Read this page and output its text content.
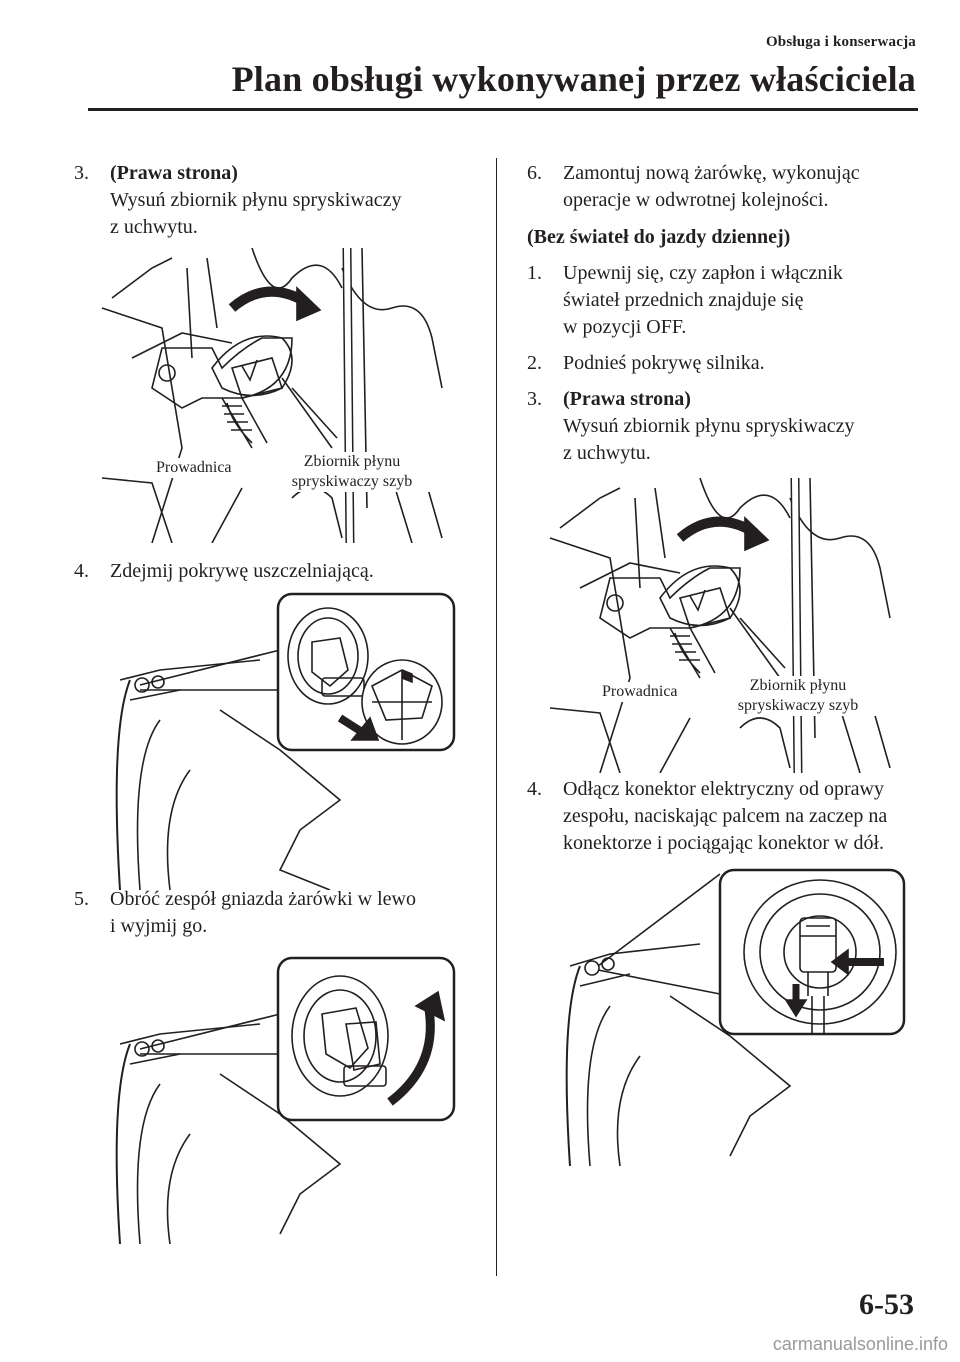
Obsługa i konserwacja
Plan obsługi wykonywanej przez właściciela
3. (Prawa strona)
Wysuń zbiornik płynu spryskiwaczy
z uchwytu.
Prowadnica	Zbiornik płynu
spryskiwaczy szyb
4. Zdejmij pokrywę uszczelniającą.
5. Obróć zespół gniazda żarówki w lewo
i wyjmij go.
6. Zamontuj nową żarówkę, wykonując
operacje w odwrotnej kolejności.
(Bez świateł do jazdy dziennej)
1. Upewnij się, czy zapłon i włącznik
świateł przednich znajduje się
w pozycji OFF.
2. Podnieś pokrywę silnika.
3. (Prawa strona)
Wysuń zbiornik płynu spryskiwaczy
z uchwytu.
Prowadnica	Zbiornik płynu
spryskiwaczy szyb
4. Odłącz konektor elektryczny od oprawy
zespołu, naciskając palcem na zaczep na
konektorze i pociągając konektor w dół.
6-53
carmanualsonline.info
